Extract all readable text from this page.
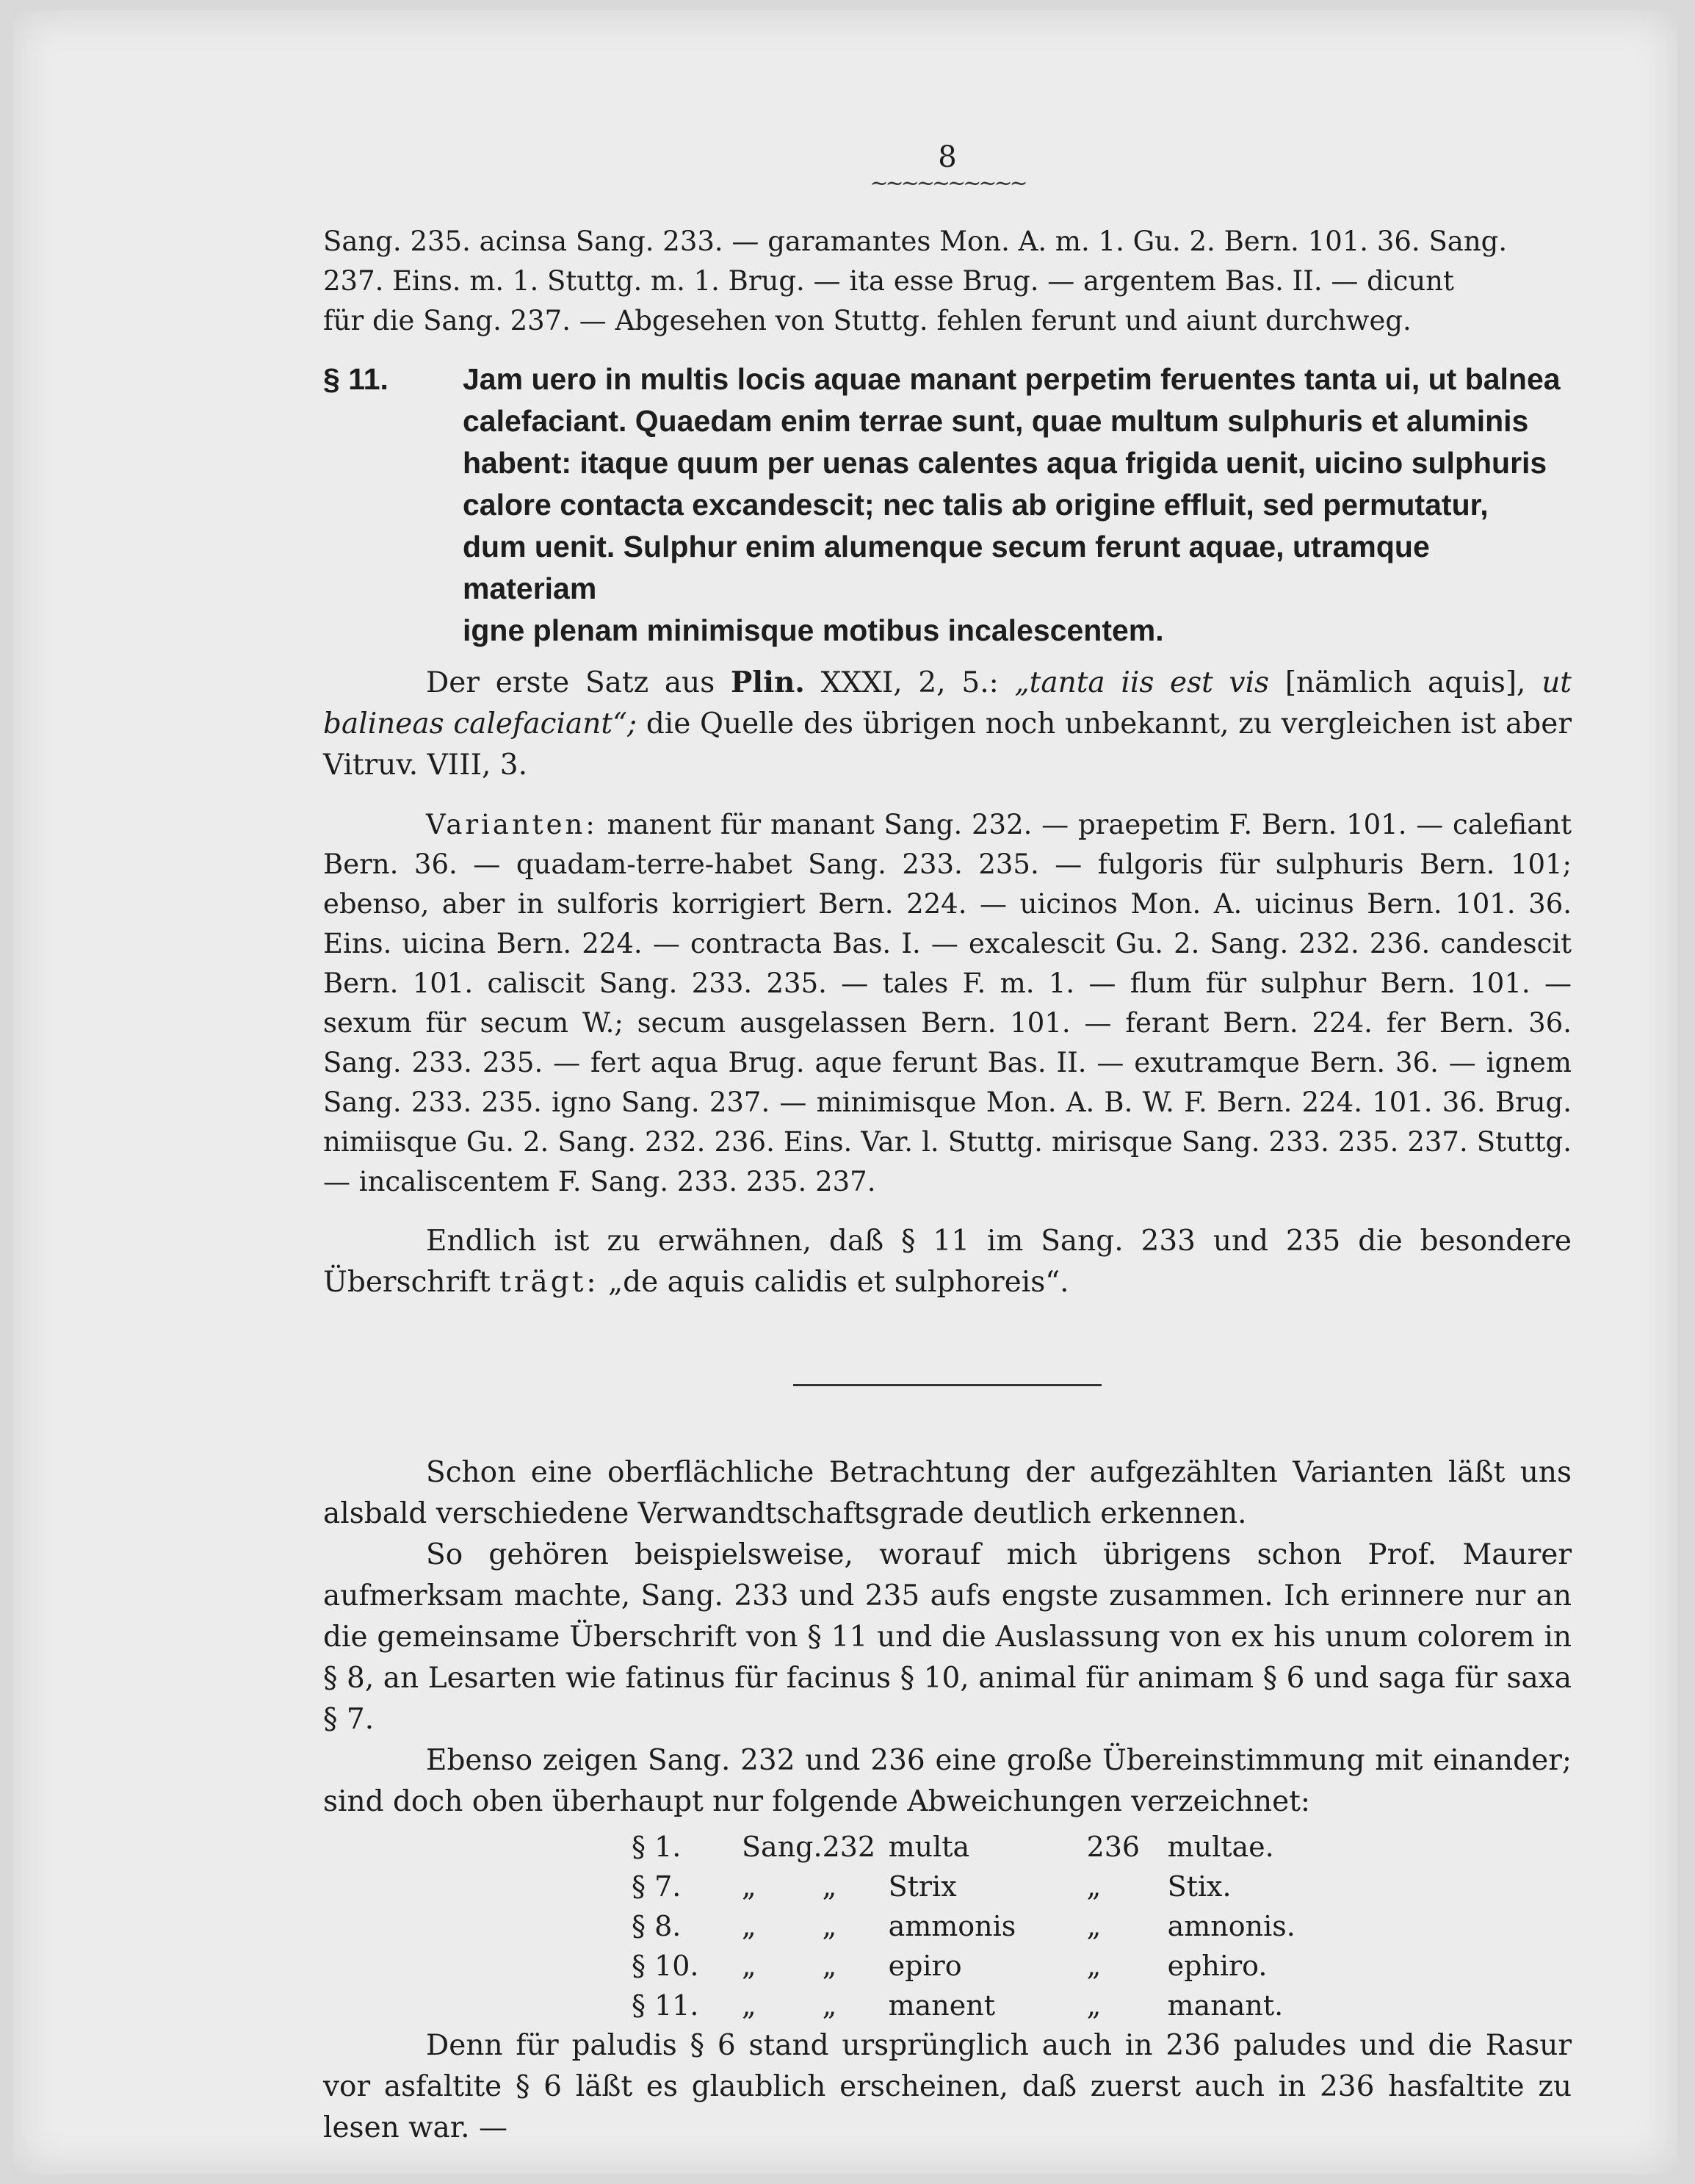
8
~~~~~~~~~~
Sang. 235. acinsa Sang. 233. — garamantes Mon. A. m. 1. Gu. 2. Bern. 101. 36. Sang.
237. Eins. m. 1. Stuttg. m. 1. Brug. — ita esse Brug. — argentem Bas. II. — dicunt
für die Sang. 237. — Abgesehen von Stuttg. fehlen ferunt und aiunt durchweg.
§ 11. Jam uero in multis locis aquae manant perpetim feruentes tanta ui, ut balnea
calefaciant. Quaedam enim terrae sunt, quae multum sulphuris et aluminis
habent: itaque quum per uenas calentes aqua frigida uenit, uicino sulphuris
calore contacta excandescit; nec talis ab origine effluit, sed permutatur,
dum uenit. Sulphur enim alumenque secum ferunt aquae, utramque materiam
igne plenam minimisque motibus incalescentem.

Der erste Satz aus Plin. XXXI, 2, 5.: „tanta iis est vis [nämlich aquis], ut balineas calefaciant“; die Quelle des übrigen noch unbekannt, zu vergleichen ist aber Vitruv. VIII, 3.

Varianten: manent für manant Sang. 232. — praepetim F. Bern. 101. — calefiant Bern. 36. — quadam-terre-habet Sang. 233. 235. — fulgoris für sulphuris Bern. 101; ebenso, aber in sulforis korrigiert Bern. 224. — uicinos Mon. A. uicinus Bern. 101. 36. Eins. uicina Bern. 224. — contracta Bas. I. — excalescit Gu. 2. Sang. 232. 236. candescit Bern. 101. caliscit Sang. 233. 235. — tales F. m. 1. — flum für sulphur Bern. 101. — sexum für secum W.; secum ausgelassen Bern. 101. — ferant Bern. 224. fer Bern. 36. Sang. 233. 235. — fert aqua Brug. aque ferunt Bas. II. — exutramque Bern. 36. — ignem Sang. 233. 235. igno Sang. 237. — minimisque Mon. A. B. W. F. Bern. 224. 101. 36. Brug. nimiisque Gu. 2. Sang. 232. 236. Eins. Var. l. Stuttg. mirisque Sang. 233. 235. 237. Stuttg. — incaliscentem F. Sang. 233. 235. 237.

Endlich ist zu erwähnen, daß § 11 im Sang. 233 und 235 die besondere Überschrift trägt: „de aquis calidis et sulphoreis“.

Schon eine oberflächliche Betrachtung der aufgezählten Varianten läßt uns alsbald verschiedene Verwandtschaftsgrade deutlich erkennen.

So gehören beispielsweise, worauf mich übrigens schon Prof. Maurer aufmerksam machte, Sang. 233 und 235 aufs engste zusammen. Ich erinnere nur an die gemeinsame Überschrift von § 11 und die Auslassung von ex his unum colorem in § 8, an Lesarten wie fatinus für facinus § 10, animal für animam § 6 und saga für saxa § 7.

Ebenso zeigen Sang. 232 und 236 eine große Übereinstimmung mit einander; sind doch oben überhaupt nur folgende Abweichungen verzeichnet:

§ 1.	Sang.	232	multa	236	multae.
§ 7.	„	„	Strix	„	Stix.
§ 8.	„	„	ammonis	„	amnonis.
§ 10.	„	„	epiro	„	ephiro.
§ 11.	„	„	manent	„	manant.

Denn für paludis § 6 stand ursprünglich auch in 236 paludes und die Rasur vor asfaltite § 6 läßt es glaublich erscheinen, daß zuerst auch in 236 hasfaltite zu lesen war. —
